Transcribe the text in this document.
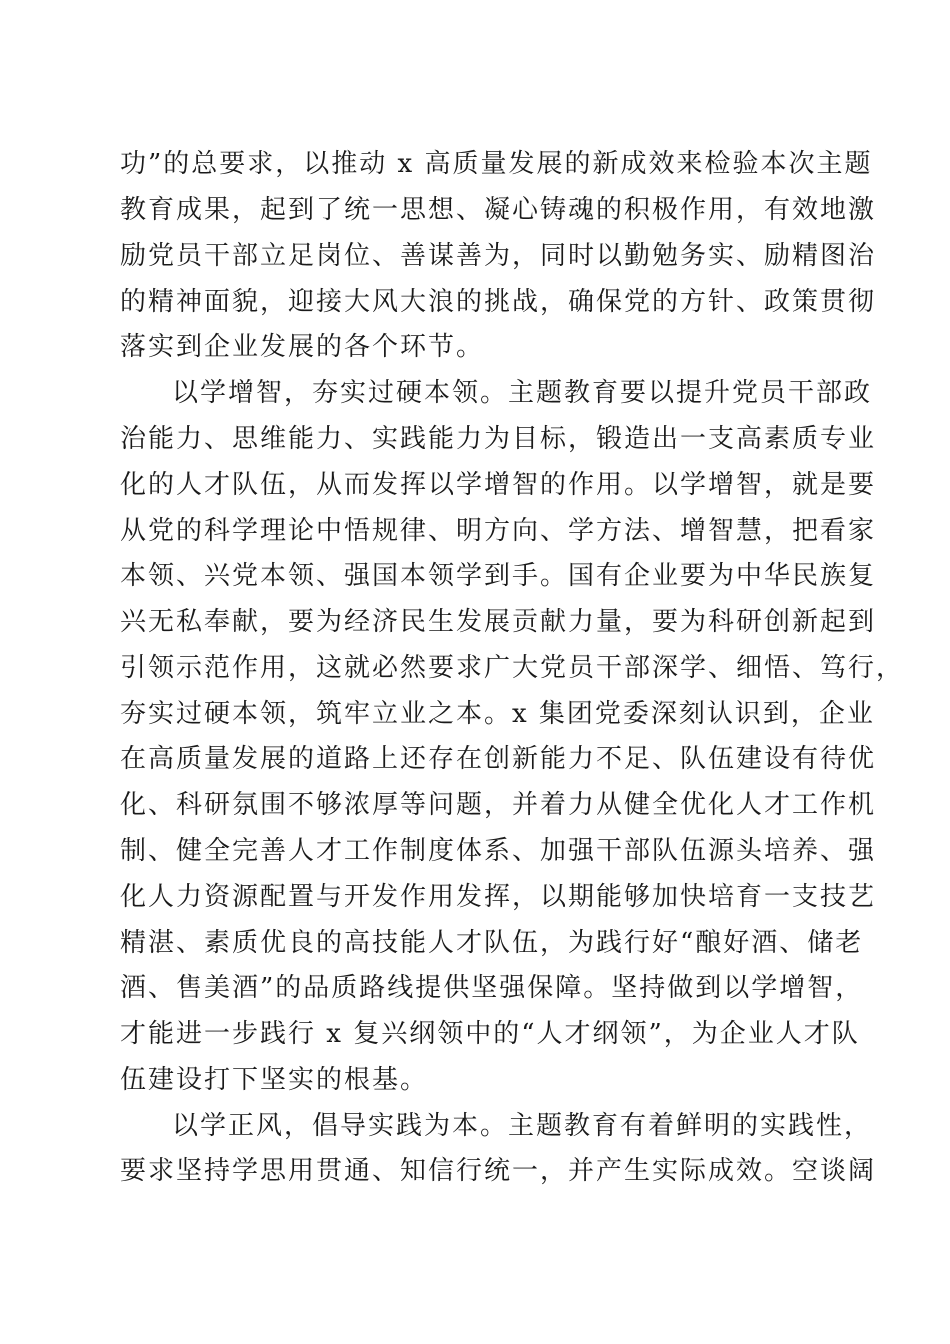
功”的总要求，以推动 x 高质量发展的新成效来检验本次主题
教育成果，起到了统一思想、凝心铸魂的积极作用，有效地激
励党员干部立足岗位、善谋善为，同时以勤勉务实、励精图治
的精神面貌，迎接大风大浪的挑战，确保党的方针、政策贯彻
落实到企业发展的各个环节。
以学增智，夯实过硬本领。主题教育要以提升党员干部政
治能力、思维能力、实践能力为目标，锻造出一支高素质专业
化的人才队伍，从而发挥以学增智的作用。以学增智，就是要
从党的科学理论中悟规律、明方向、学方法、增智慧，把看家
本领、兴党本领、强国本领学到手。国有企业要为中华民族复
兴无私奉献，要为经济民生发展贡献力量，要为科研创新起到
引领示范作用，这就必然要求广大党员干部深学、细悟、笃行，
夯实过硬本领，筑牢立业之本。x 集团党委深刻认识到，企业
在高质量发展的道路上还存在创新能力不足、队伍建设有待优
化、科研氛围不够浓厚等问题，并着力从健全优化人才工作机
制、健全完善人才工作制度体系、加强干部队伍源头培养、强
化人力资源配置与开发作用发挥，以期能够加快培育一支技艺
精湛、素质优良的高技能人才队伍，为践行好“酿好酒、储老
酒、售美酒”的品质路线提供坚强保障。坚持做到以学增智，
才能进一步践行 x 复兴纲领中的“人才纲领”，为企业人才队
伍建设打下坚实的根基。
以学正风，倡导实践为本。主题教育有着鲜明的实践性，
要求坚持学思用贯通、知信行统一，并产生实际成效。空谈阔
